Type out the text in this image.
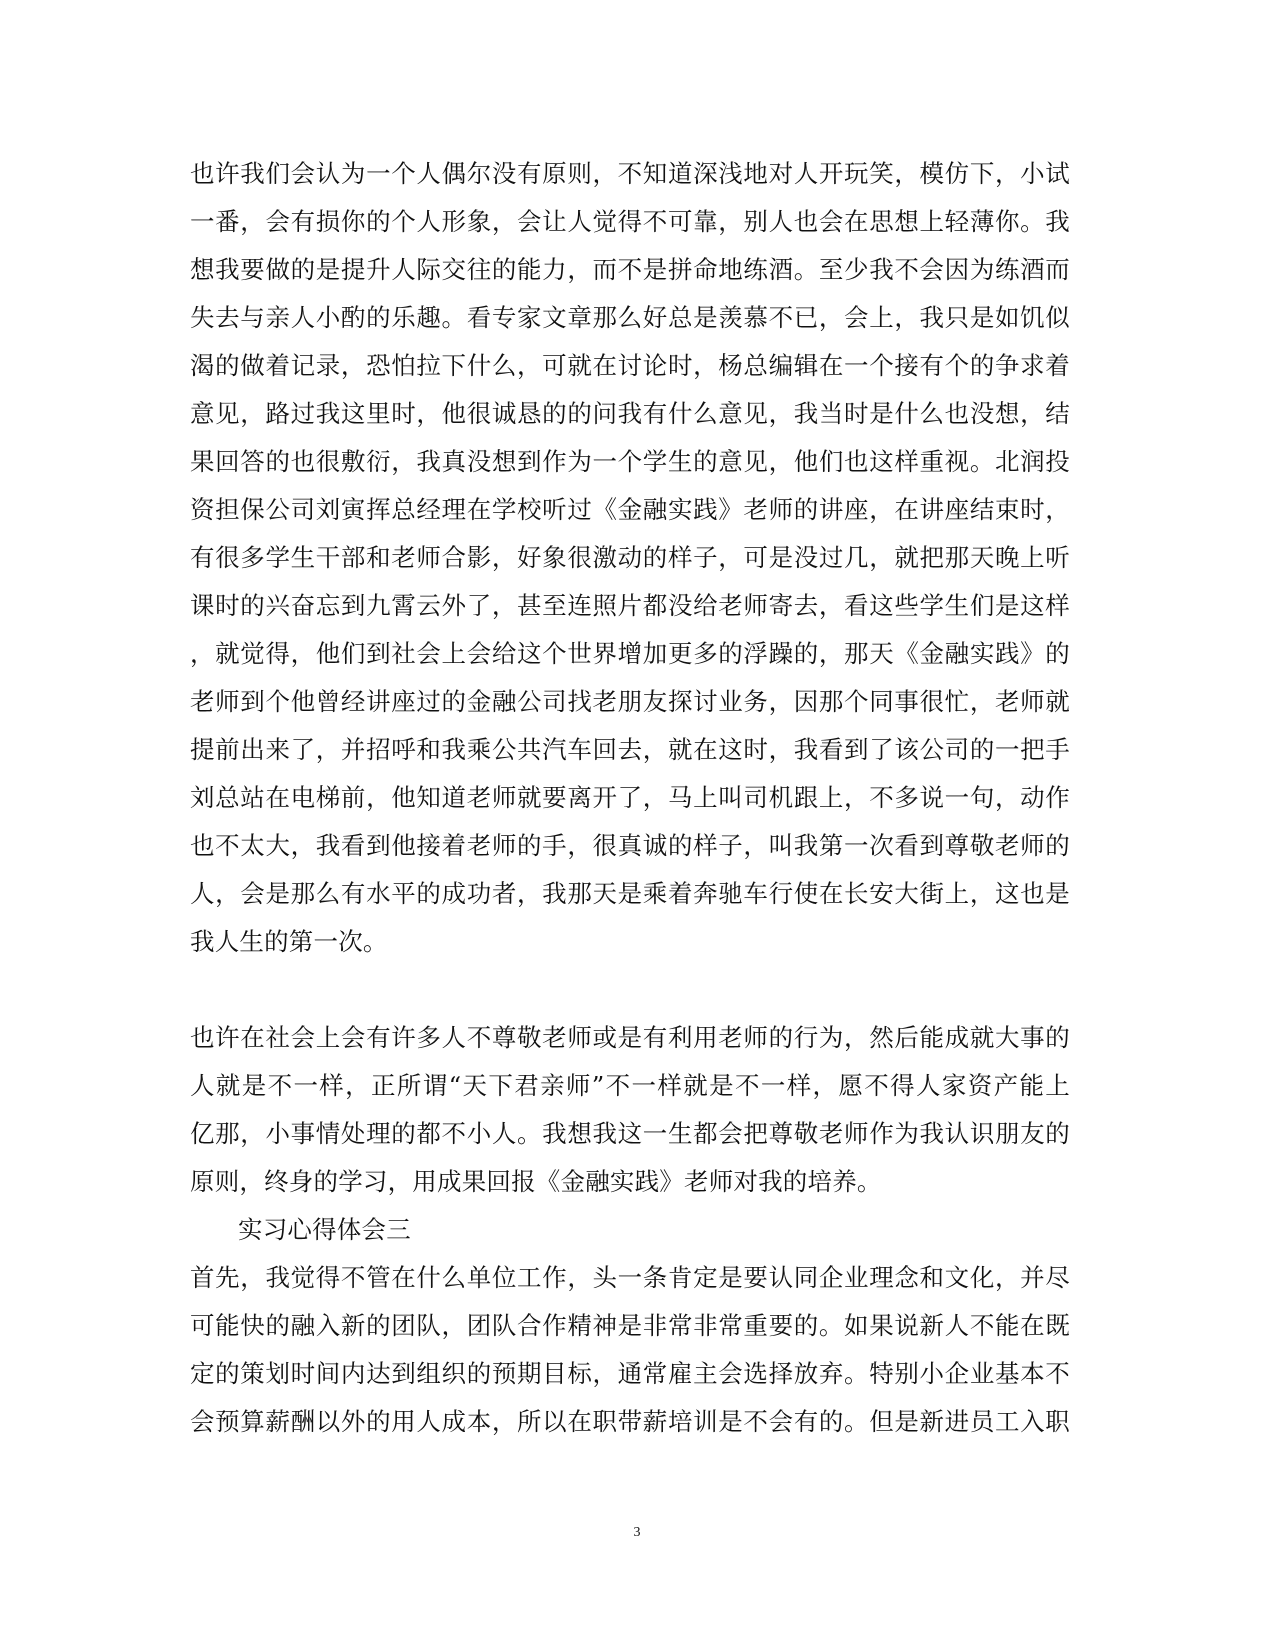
也许我们会认为一个人偶尔没有原则，不知道深浅地对人开玩笑，模仿下，小试
一番，会有损你的个人形象，会让人觉得不可靠，别人也会在思想上轻薄你。我
想我要做的是提升人际交往的能力，而不是拼命地练酒。至少我不会因为练酒而
失去与亲人小酌的乐趣。看专家文章那么好总是羡慕不已，会上，我只是如饥似
渴的做着记录，恐怕拉下什么，可就在讨论时，杨总编辑在一个接有个的争求着
意见，路过我这里时，他很诚恳的的问我有什么意见，我当时是什么也没想，结
果回答的也很敷衍，我真没想到作为一个学生的意见，他们也这样重视。北润投
资担保公司刘寅挥总经理在学校听过《金融实践》老师的讲座，在讲座结束时，
有很多学生干部和老师合影，好象很激动的样子，可是没过几，就把那天晚上听
课时的兴奋忘到九霄云外了，甚至连照片都没给老师寄去，看这些学生们是这样
，就觉得，他们到社会上会给这个世界增加更多的浮躁的，那天《金融实践》的
老师到个他曾经讲座过的金融公司找老朋友探讨业务，因那个同事很忙，老师就
提前出来了，并招呼和我乘公共汽车回去，就在这时，我看到了该公司的一把手
刘总站在电梯前，他知道老师就要离开了，马上叫司机跟上，不多说一句，动作
也不太大，我看到他接着老师的手，很真诚的样子，叫我第一次看到尊敬老师的
人，会是那么有水平的成功者，我那天是乘着奔驰车行使在长安大街上，这也是
我人生的第一次。
也许在社会上会有许多人不尊敬老师或是有利用老师的行为，然后能成就大事的
人就是不一样，正所谓“天下君亲师”不一样就是不一样，愿不得人家资产能上
亿那，小事情处理的都不小人。我想我这一生都会把尊敬老师作为我认识朋友的
原则，终身的学习，用成果回报《金融实践》老师对我的培养。
实习心得体会三
首先，我觉得不管在什么单位工作，头一条肯定是要认同企业理念和文化，并尽
可能快的融入新的团队，团队合作精神是非常非常重要的。如果说新人不能在既
定的策划时间内达到组织的预期目标，通常雇主会选择放弃。特别小企业基本不
会预算薪酬以外的用人成本，所以在职带薪培训是不会有的。但是新进员工入职
3
